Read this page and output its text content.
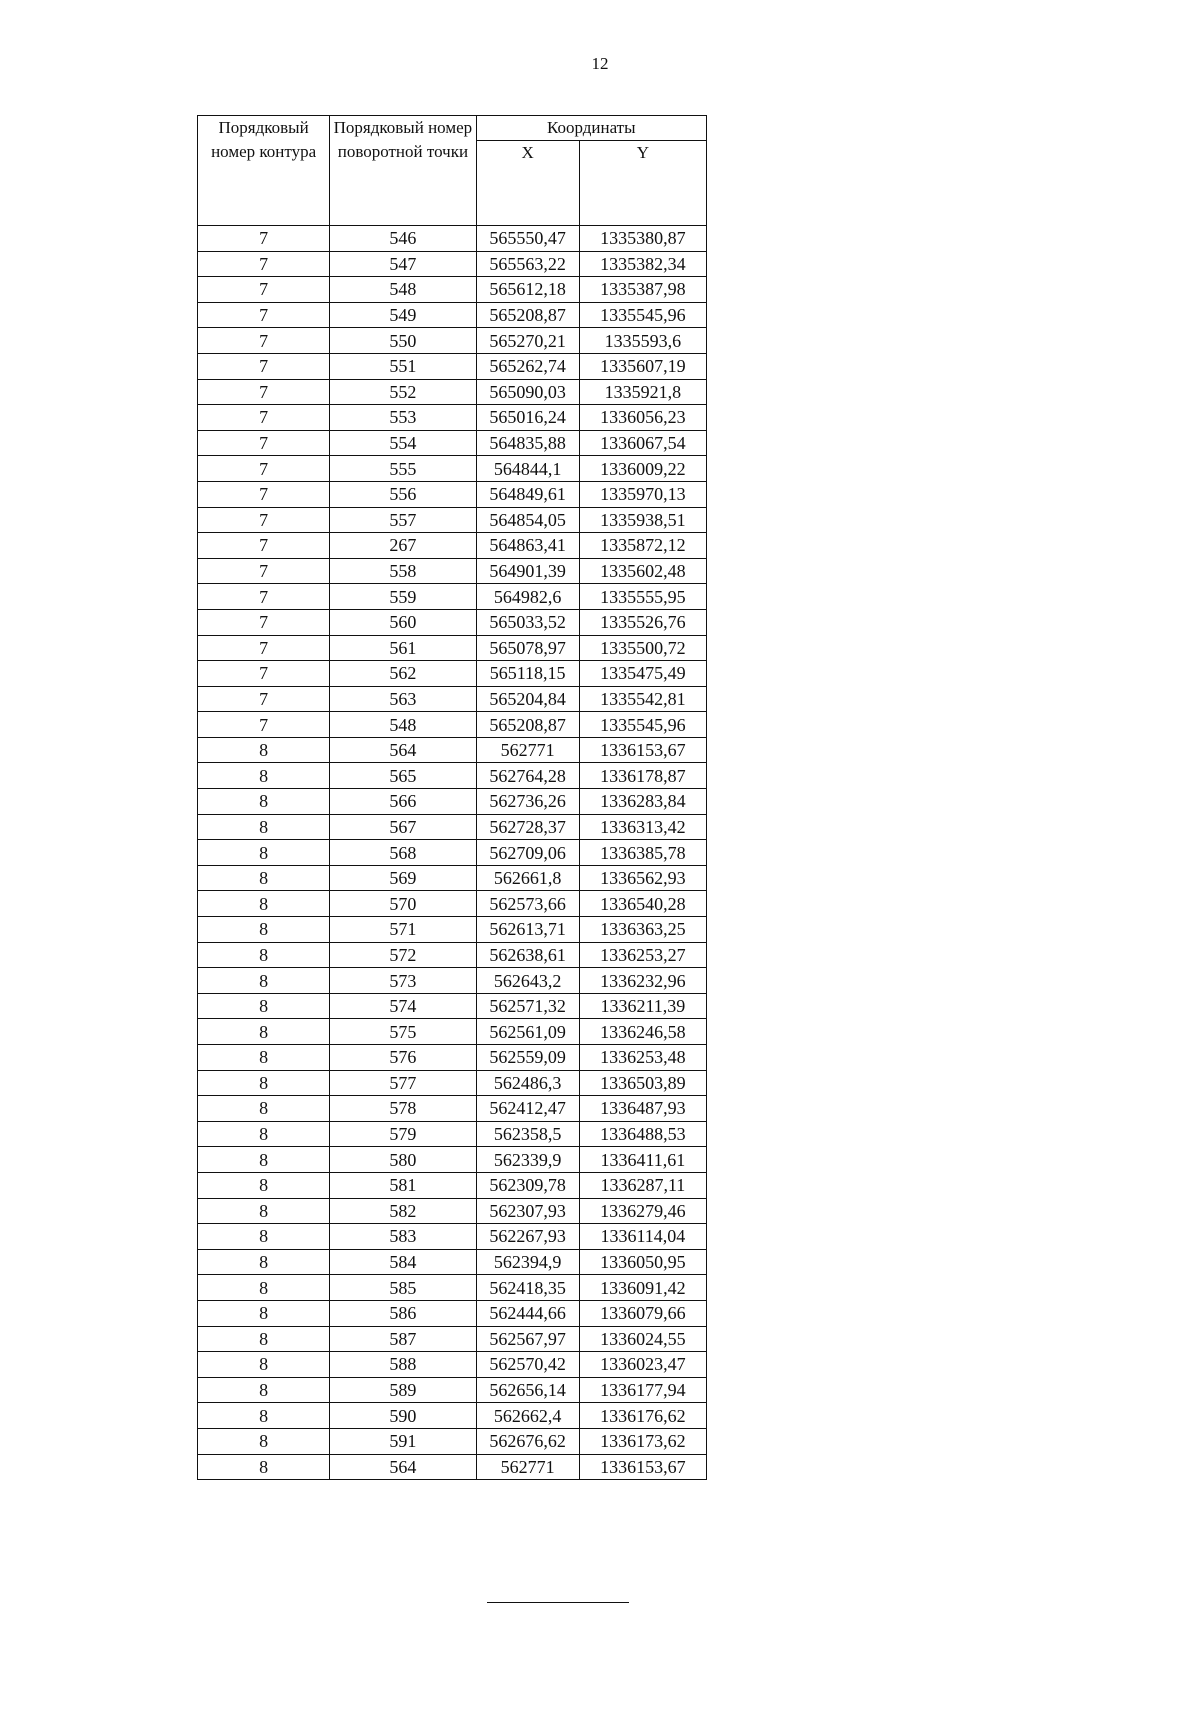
12
Порядковый номер контура	Порядковый номер поворотной точки	Координаты	
		X	Y
7	546	565550,47	1335380,87
7	547	565563,22	1335382,34
7	548	565612,18	1335387,98
7	549	565208,87	1335545,96
7	550	565270,21	1335593,6
7	551	565262,74	1335607,19
7	552	565090,03	1335921,8
7	553	565016,24	1336056,23
7	554	564835,88	1336067,54
7	555	564844,1	1336009,22
7	556	564849,61	1335970,13
7	557	564854,05	1335938,51
7	267	564863,41	1335872,12
7	558	564901,39	1335602,48
7	559	564982,6	1335555,95
7	560	565033,52	1335526,76
7	561	565078,97	1335500,72
7	562	565118,15	1335475,49
7	563	565204,84	1335542,81
7	548	565208,87	1335545,96
8	564	562771	1336153,67
8	565	562764,28	1336178,87
8	566	562736,26	1336283,84
8	567	562728,37	1336313,42
8	568	562709,06	1336385,78
8	569	562661,8	1336562,93
8	570	562573,66	1336540,28
8	571	562613,71	1336363,25
8	572	562638,61	1336253,27
8	573	562643,2	1336232,96
8	574	562571,32	1336211,39
8	575	562561,09	1336246,58
8	576	562559,09	1336253,48
8	577	562486,3	1336503,89
8	578	562412,47	1336487,93
8	579	562358,5	1336488,53
8	580	562339,9	1336411,61
8	581	562309,78	1336287,11
8	582	562307,93	1336279,46
8	583	562267,93	1336114,04
8	584	562394,9	1336050,95
8	585	562418,35	1336091,42
8	586	562444,66	1336079,66
8	587	562567,97	1336024,55
8	588	562570,42	1336023,47
8	589	562656,14	1336177,94
8	590	562662,4	1336176,62
8	591	562676,62	1336173,62
8	564	562771	1336153,67
